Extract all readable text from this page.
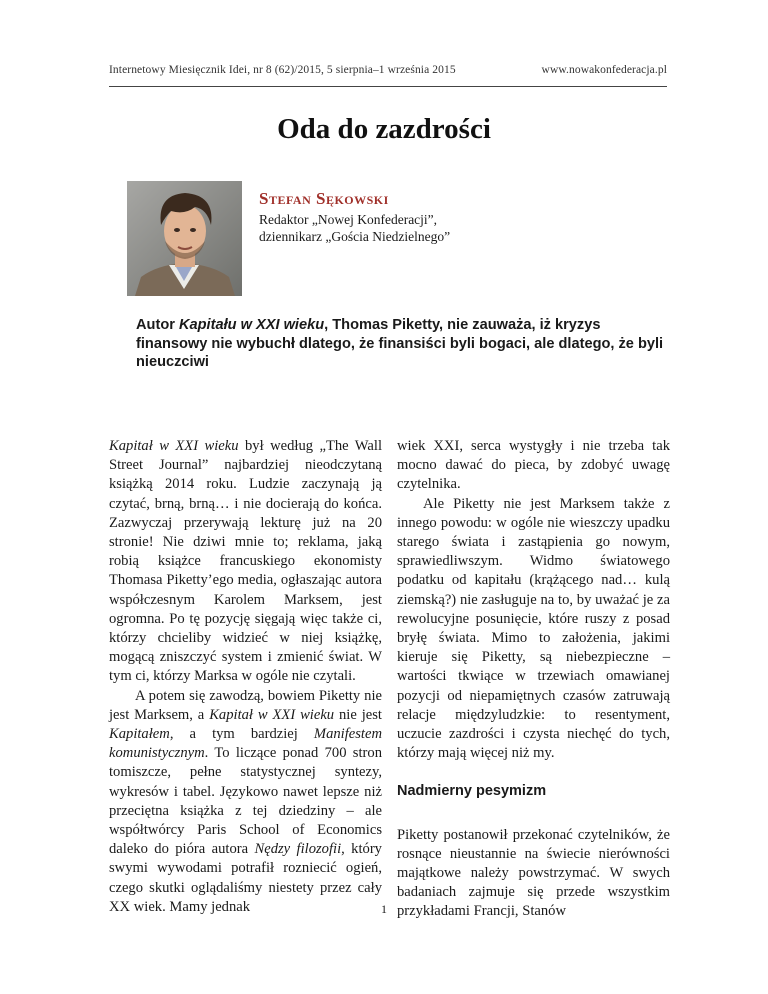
Internetowy Miesięcznik Idei, nr 8 (62)/2015, 5 sierpnia–1 września 2015	www.nowakonfederacja.pl
Oda do zazdrości
Stefan Sękowski
Redaktor „Nowej Konfederacji”,
dziennikarz „Gościa Niedzielnego”

Autor Kapitału w XXI wieku, Thomas Piketty, nie zauważa, iż kryzys finansowy nie wybuchł dlatego, że finansiści byli bogaci, ale dlatego, że byli nieuczciwi

Kapitał w XXI wieku był według „The Wall Street Journal” najbardziej nieodczytaną książką 2014 roku. Ludzie zaczynają ją czytać, brną, brną… i nie docierają do końca. Zazwyczaj przerywają lekturę już na 20 stronie! Nie dziwi mnie to; reklama, jaką robią książce francuskiego ekonomisty Thomasa Piketty’ego media, ogłaszając autora współczesnym Karolem Marksem, jest ogromna. Po tę pozycję sięgają więc także ci, którzy chcieliby widzieć w niej książkę, mogącą zniszczyć system i zmienić świat. W tym ci, którzy Marksa w ogóle nie czytali.

A potem się zawodzą, bowiem Piketty nie jest Marksem, a Kapitał w XXI wieku nie jest Kapitałem, a tym bardziej Manifestem komunistycznym. To liczące ponad 700 stron tomiszcze, pełne statystycznej syntezy, wykresów i tabel. Językowo nawet lepsze niż przeciętna książka z tej dziedziny – ale współtwórcy Paris School of Economics daleko do pióra autora Nędzy filozofii, który swymi wywodami potrafił rozniecić ogień, czego skutki oglądaliśmy niestety przez cały XX wiek. Mamy jednak

wiek XXI, serca wystygły i nie trzeba tak mocno dawać do pieca, by zdobyć uwagę czytelnika.

Ale Piketty nie jest Marksem także z innego powodu: w ogóle nie wieszczy upadku starego świata i zastąpienia go nowym, sprawiedliwszym. Widmo światowego podatku od kapitału (krążącego nad… kulą ziemską?) nie zasługuje na to, by uważać je za rewolucyjne posunięcie, które ruszy z posad bryłę świata. Mimo to założenia, jakimi kieruje się Piketty, są niebezpieczne – wartości tkwiące w trzewiach omawianej pozycji od niepamiętnych czasów zatruwają relacje międzyludzkie: to resentyment, uczucie zazdrości i czysta niechęć do tych, którzy mają więcej niż my.

Nadmierny pesymizm

Piketty postanowił przekonać czytelników, że rosnące nieustannie na świecie nierówności majątkowe należy powstrzymać. W swych badaniach zajmuje się przede wszystkim przykładami Francji, Stanów

1
